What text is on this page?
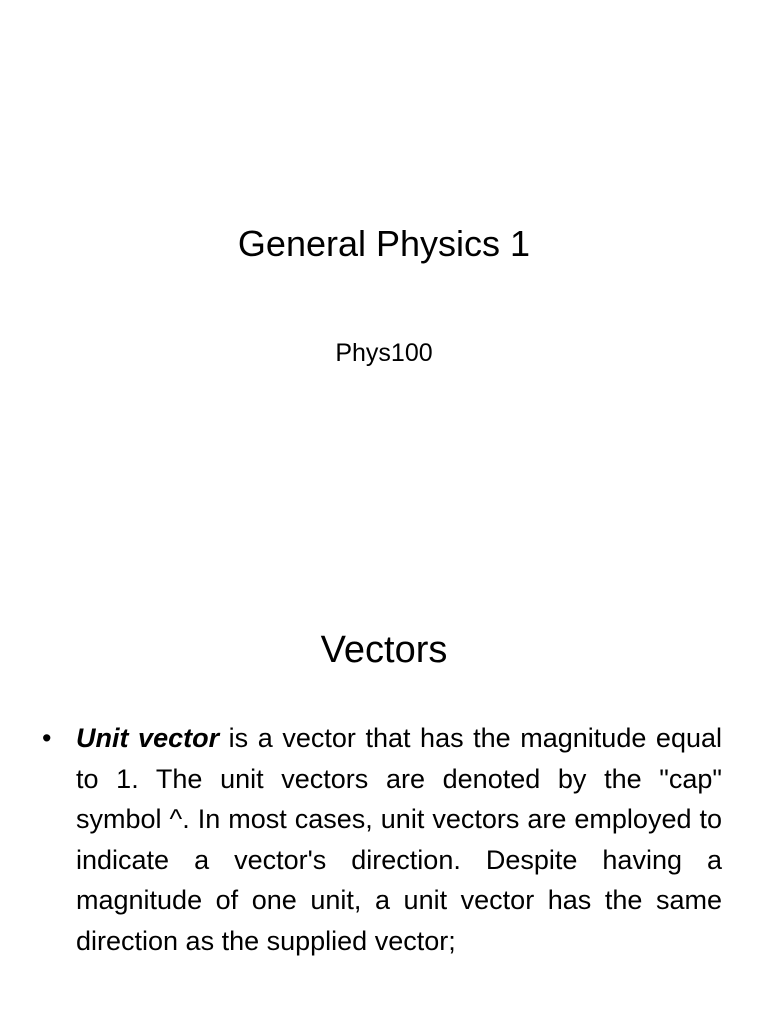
General Physics 1

Phys100

Vectors
• Unit vector is a vector that has the magnitude equal to 1. The unit vectors are denoted by the "cap" symbol ^. In most cases, unit vectors are employed to indicate a vector's direction. Despite having a magnitude of one unit, a unit vector has the same direction as the supplied vector;
